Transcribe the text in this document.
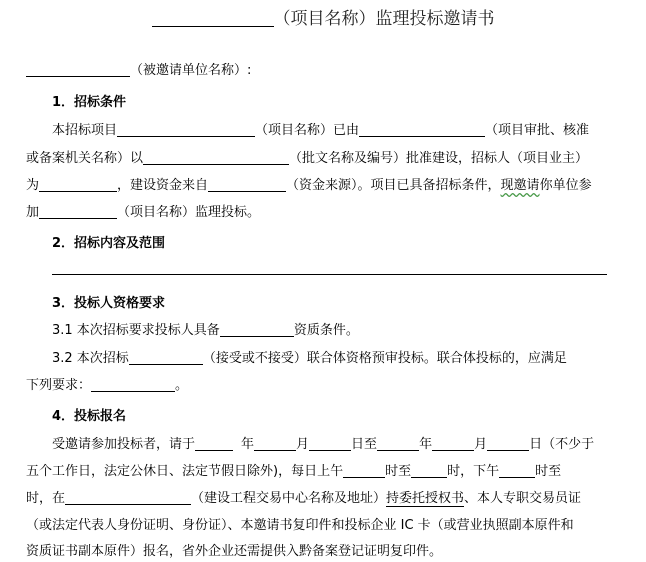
（项目名称）监理投标邀请书
（被邀请单位名称）:
1．招标条件
本招标项目	（项目名称）已由	（项目审批、核准
或备案机关名称）以	（批文名称及编号）批准建设，招标人（项目业主）
为	，建设资金来自	（资金来源）。项目已具备招标条件，现邀请你单位参
加	（项目名称）监理投标。
2．招标内容及范围
3．投标人资格要求
3.1 本次招标要求投标人具备	资质条件。
3.2 本次招标	（接受或不接受）联合体资格预审投标。联合体投标的，应满足
下列要求：	。
4．投标报名
受邀请参加投标者，请于	年	月	日至	年	月	日（不少于
五个工作日，法定公休日、法定节假日除外)，每日上午	时至	时，下午	时至
时，在	（建设工程交易中心名称及地址）持委托授权书、本人专职交易员证
（或法定代表人身份证明、身份证）、本邀请书复印件和投标企业 IC 卡（或营业执照副本原件和
资质证书副本原件）报名，省外企业还需提供入黔备案登记证明复印件。
